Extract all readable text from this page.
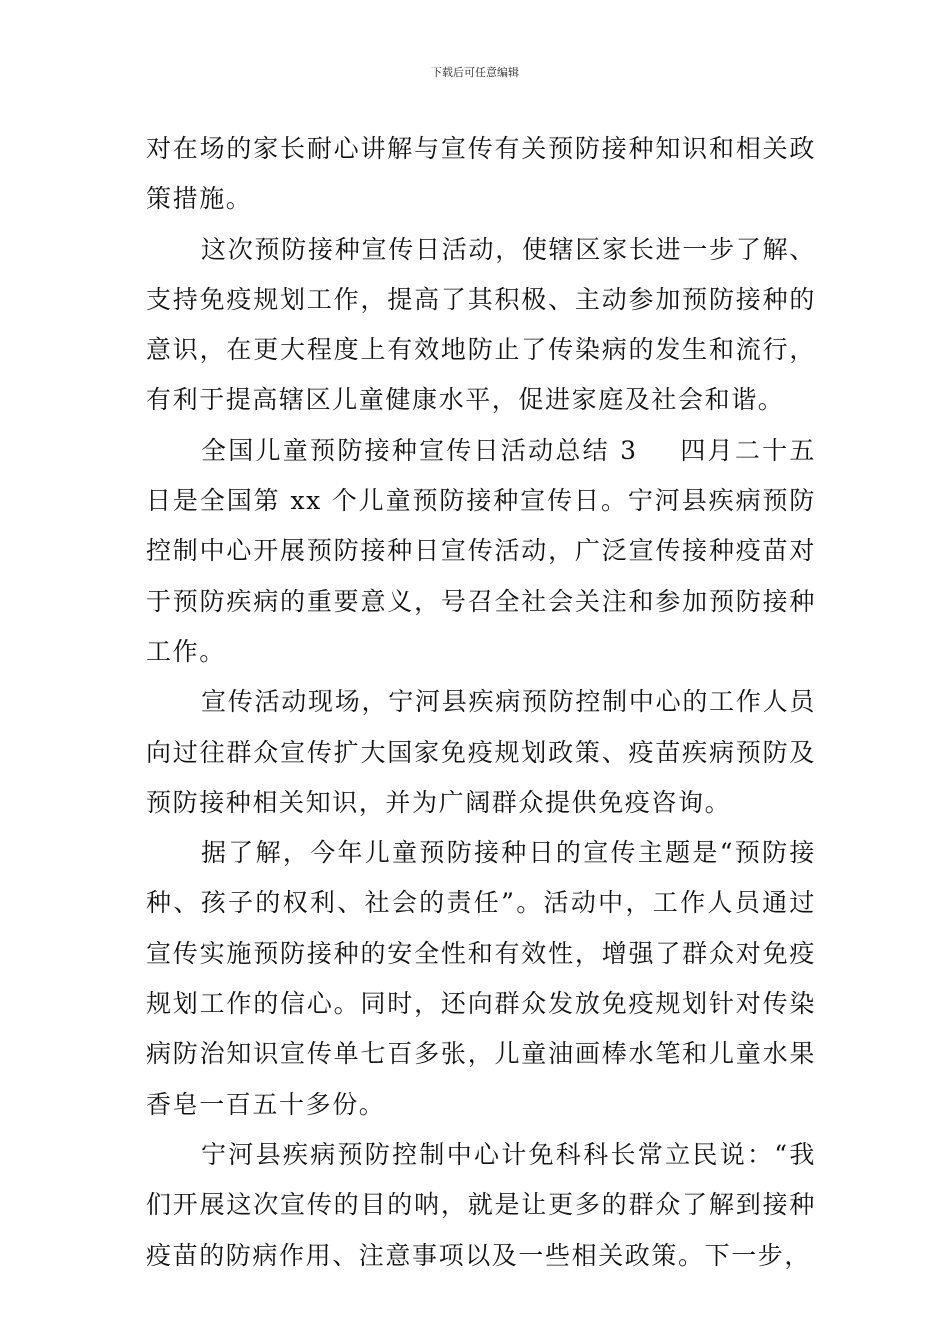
下载后可任意编辑

对在场的家长耐心讲解与宣传有关预防接种知识和相关政策措施。

这次预防接种宣传日活动，使辖区家长进一步了解、支持免疫规划工作，提高了其积极、主动参加预防接种的意识，在更大程度上有效地防止了传染病的发生和流行，有利于提高辖区儿童健康水平，促进家庭及社会和谐。

全国儿童预防接种宣传日活动总结 3 四月二十五日是全国第 xx 个儿童预防接种宣传日。宁河县疾病预防控制中心开展预防接种日宣传活动，广泛宣传接种疫苗对于预防疾病的重要意义，号召全社会关注和参加预防接种工作。

宣传活动现场，宁河县疾病预防控制中心的工作人员向过往群众宣传扩大国家免疫规划政策、疫苗疾病预防及预防接种相关知识，并为广阔群众提供免疫咨询。

据了解，今年儿童预防接种日的宣传主题是“预防接种、孩子的权利、社会的责任”。活动中，工作人员通过宣传实施预防接种的安全性和有效性，增强了群众对免疫规划工作的信心。同时，还向群众发放免疫规划针对传染病防治知识宣传单七百多张，儿童油画棒水笔和儿童水果香皂一百五十多份。

宁河县疾病预防控制中心计免科科长常立民说：“我们开展这次宣传的目的呐，就是让更多的群众了解到接种疫苗的防病作用、注意事项以及一些相关政策。下一步，
